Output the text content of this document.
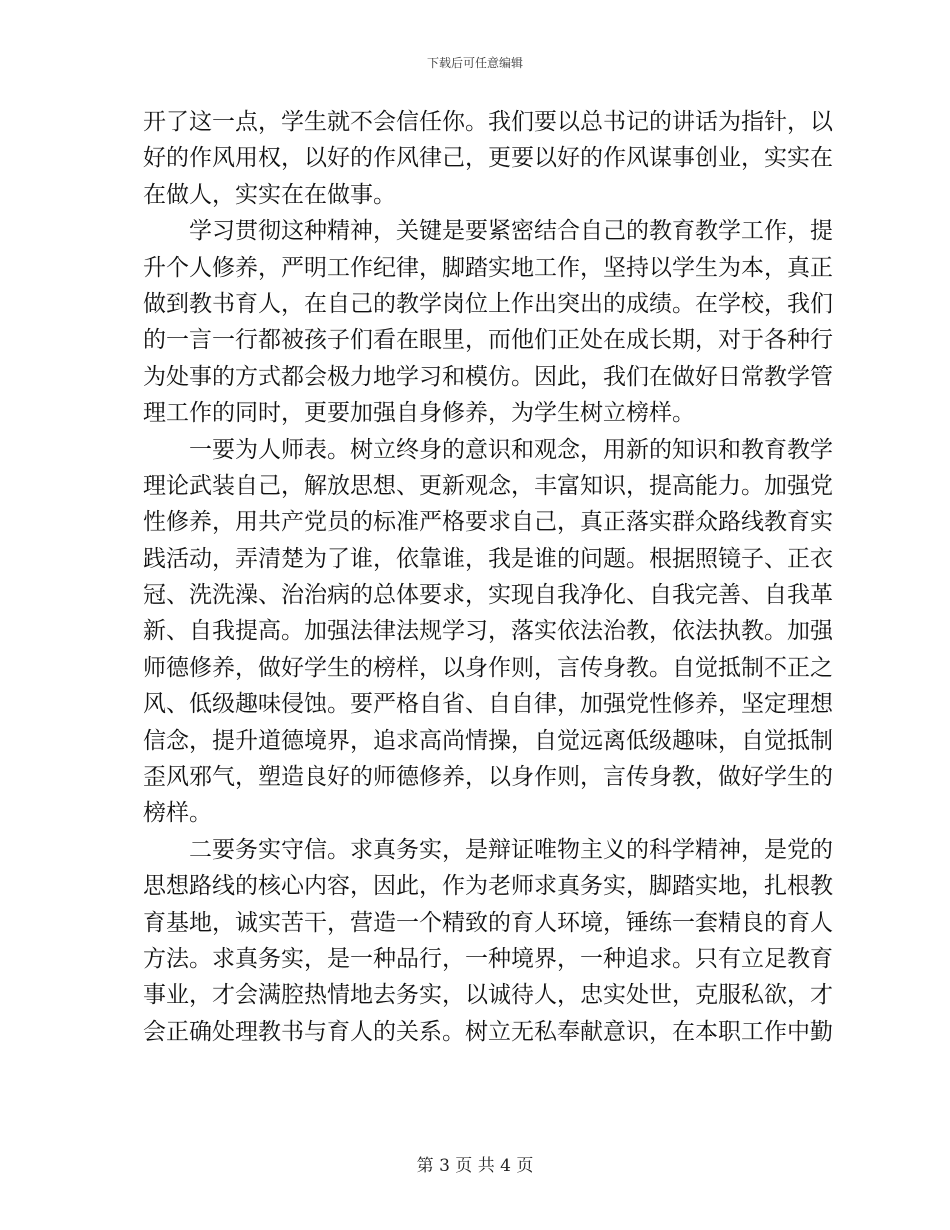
下载后可任意编辑
开了这一点，学生就不会信任你。我们要以总书记的讲话为指针，以
好的作风用权，以好的作风律己，更要以好的作风谋事创业，实实在
在做人，实实在在做事。
学习贯彻这种精神，关键是要紧密结合自己的教育教学工作，提
升个人修养，严明工作纪律，脚踏实地工作，坚持以学生为本，真正
做到教书育人，在自己的教学岗位上作出突出的成绩。在学校，我们
的一言一行都被孩子们看在眼里，而他们正处在成长期，对于各种行
为处事的方式都会极力地学习和模仿。因此，我们在做好日常教学管
理工作的同时，更要加强自身修养，为学生树立榜样。
一要为人师表。树立终身的意识和观念，用新的知识和教育教学
理论武装自己，解放思想、更新观念，丰富知识，提高能力。加强党
性修养，用共产党员的标准严格要求自己，真正落实群众路线教育实
践活动，弄清楚为了谁，依靠谁，我是谁的问题。根据照镜子、正衣
冠、洗洗澡、治治病的总体要求，实现自我净化、自我完善、自我革
新、自我提高。加强法律法规学习，落实依法治教，依法执教。加强
师德修养，做好学生的榜样，以身作则，言传身教。自觉抵制不正之
风、低级趣味侵蚀。要严格自省、自自律，加强党性修养，坚定理想
信念，提升道德境界，追求高尚情操，自觉远离低级趣味，自觉抵制
歪风邪气，塑造良好的师德修养，以身作则，言传身教，做好学生的
榜样。
二要务实守信。求真务实，是辩证唯物主义的科学精神，是党的
思想路线的核心内容，因此，作为老师求真务实，脚踏实地，扎根教
育基地，诚实苦干，营造一个精致的育人环境，锤练一套精良的育人
方法。求真务实，是一种品行，一种境界，一种追求。只有立足教育
事业，才会满腔热情地去务实，以诚待人，忠实处世，克服私欲，才
会正确处理教书与育人的关系。树立无私奉献意识，在本职工作中勤
第 3 页 共 4 页
